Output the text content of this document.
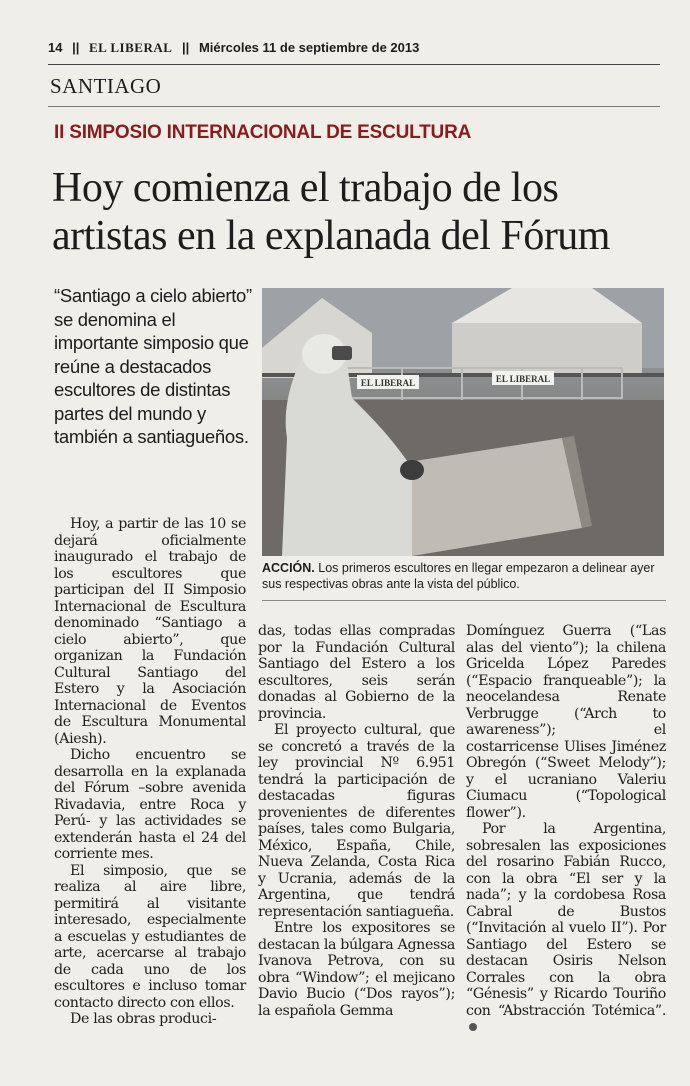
14 || EL LIBERAL || Miércoles 11 de septiembre de 2013
SANTIAGO
II SIMPOSIO INTERNACIONAL DE ESCULTURA
Hoy comienza el trabajo de los artistas en la explanada del Fórum

“Santiago a cielo abierto” se denomina el importante simposio que reúne a destacados escultores de distintas partes del mundo y también a santiagueños.

EL LIBERAL	EL LIBERAL

ACCIÓN. Los primeros escultores en llegar empezaron a delinear ayer sus respectivas obras ante la vista del público.

Hoy, a partir de las 10 se dejará oficialmente inaugurado el trabajo de los escultores que participan del II Simposio Internacional de Escultura denominado “Santiago a cielo abierto”, que organizan la Fundación Cultural Santiago del Estero y la Asociación Internacional de Eventos de Escultura Monumental (Aiesh).

Dicho encuentro se desarrolla en la explanada del Fórum –sobre avenida Rivadavia, entre Roca y Perú- y las actividades se extenderán hasta el 24 del corriente mes.

El simposio, que se realiza al aire libre, permitirá al visitante interesado, especialmente a escuelas y estudiantes de arte, acercarse al trabajo de cada uno de los escultores e incluso tomar contacto directo con ellos.

De las obras produci-

das, todas ellas compradas por la Fundación Cultural Santiago del Estero a los escultores, seis serán donadas al Gobierno de la provincia.

El proyecto cultural, que se concretó a través de la ley provincial Nº 6.951 tendrá la participación de destacadas figuras provenientes de diferentes países, tales como Bulgaria, México, España, Chile, Nueva Zelanda, Costa Rica y Ucrania, además de la Argentina, que tendrá representación santiagueña.

Entre los expositores se destacan la búlgara Agnessa Ivanova Petrova, con su obra “Window”; el mejicano Davio Bucio (“Dos rayos”); la española Gemma

Domínguez Guerra (“Las alas del viento”); la chilena Gricelda López Paredes (“Espacio franqueable”); la neocelandesa Renate Verbrugge (“Arch to awareness”); el costarricense Ulises Jiménez Obregón (“Sweet Melody”); y el ucraniano Valeriu Ciumacu (“Topological flower”).

Por la Argentina, sobresalen las exposiciones del rosarino Fabián Rucco, con la obra “El ser y la nada”; y la cordobesa Rosa Cabral de Bustos (“Invitación al vuelo II”). Por Santiago del Estero se destacan Osiris Nelson Corrales con la obra “Génesis” y Ricardo Touriño con “Abstracción Totémica”.
